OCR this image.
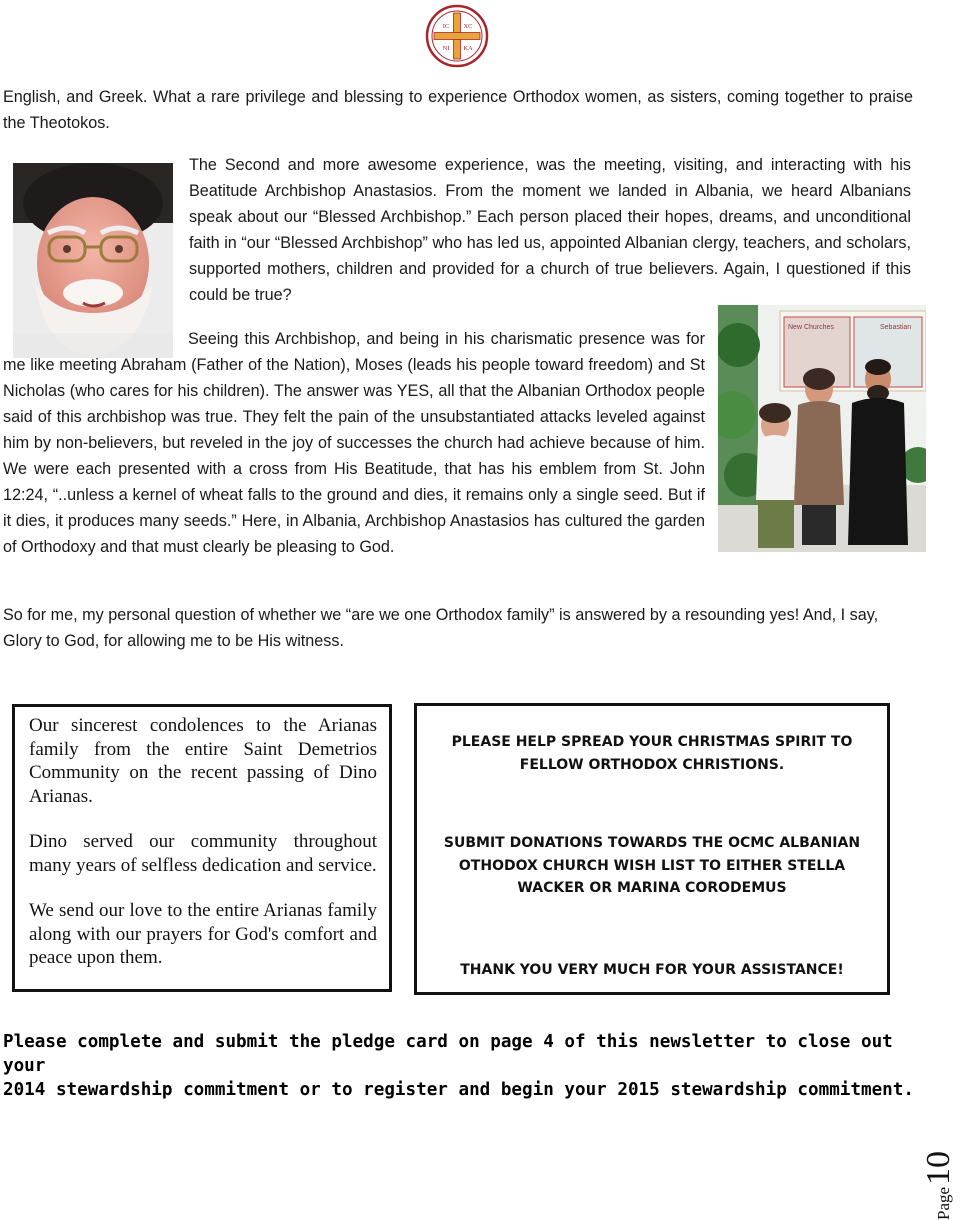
IC XC
NI KA

English, and Greek. What a rare privilege and blessing to experience Orthodox women, as sisters, coming together to praise the Theotokos.

The Second and more awesome experience, was the meeting, visiting, and interacting with his Beatitude Archbishop Anastasios. From the moment we landed in Albania, we heard Albanians speak about our “Blessed Archbishop.” Each person placed their hopes, dreams, and unconditional faith in “our “Blessed Archbishop” who has led us, appointed Albanian clergy, teachers, and scholars, supported mothers, children and provided for a church of true believers. Again, I questioned if this could be true?

Seeing this Archbishop, and being in his charismatic presence was for me like meeting Abraham (Father of the Nation), Moses (leads his people toward freedom) and St Nicholas (who cares for his children). The answer was YES, all that the Albanian Orthodox people said of this archbishop was true. They felt the pain of the unsubstantiated attacks leveled against him by non-believers, but reveled in the joy of successes the church had achieve because of him. We were each presented with a cross from His Beatitude, that has his emblem from St. John 12:24, “..unless a kernel of wheat falls to the ground and dies, it remains only a single seed. But if it dies, it produces many seeds.” Here, in Albania, Archbishop Anastasios has cultured the garden of Orthodoxy and that must clearly be pleasing to God.

New Churches	Sebastian

So for me, my personal question of whether we “are we one Orthodox family” is answered by a resounding yes! And, I say, Glory to God, for allowing me to be His witness.

Our sincerest condolences to the Arianas family from the entire Saint Demetrios Community on the recent passing of Dino Arianas.

Dino served our community throughout many years of selfless dedication and service.

We send our love to the entire Arianas family along with our prayers for God's comfort and peace upon them.

PLEASE HELP SPREAD YOUR CHRISTMAS SPIRIT TO
FELLOW ORTHODOX CHRISTIONS.
SUBMIT DONATIONS TOWARDS THE OCMC ALBANIAN
OTHODOX CHURCH WISH LIST TO EITHER STELLA
WACKER OR MARINA CORODEMUS
THANK YOU VERY MUCH FOR YOUR ASSISTANCE!

Please complete and submit the pledge card on page 4 of this newsletter to close out your
2014 stewardship commitment or to register and begin your 2015 stewardship commitment.

Page10
